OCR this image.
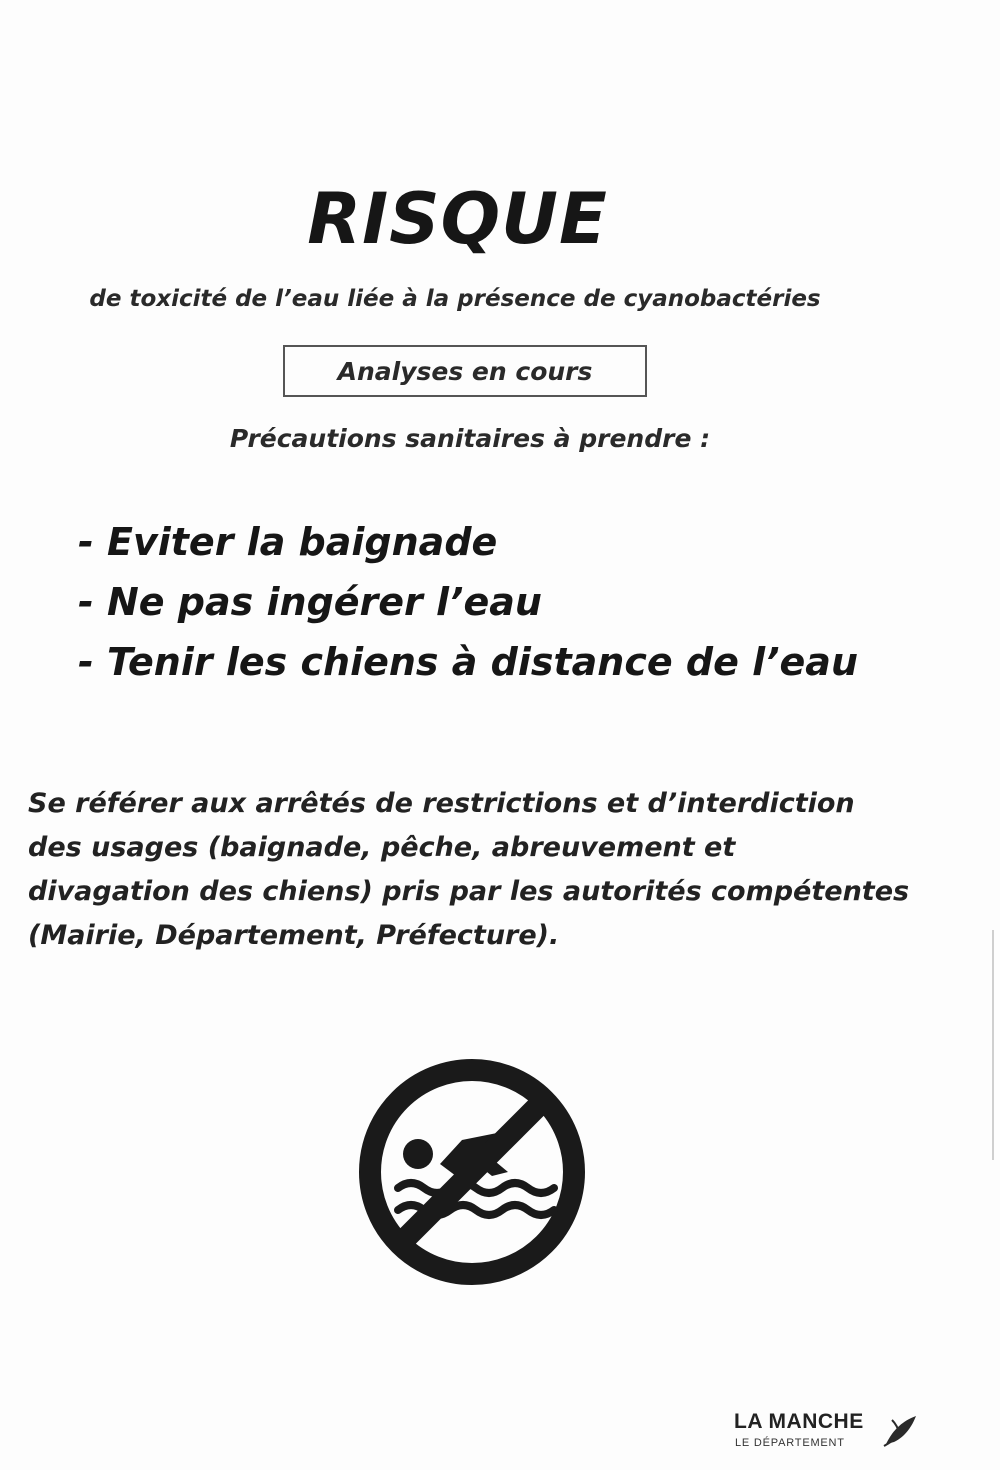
RISQUE
de toxicité de l’eau liée à la présence de cyanobactéries
Analyses en cours
Précautions sanitaires à prendre :
- Eviter la baignade
- Ne pas ingérer l’eau
- Tenir les chiens à distance de l’eau
Se référer aux arrêtés de restrictions et d’interdiction
des usages (baignade, pêche, abreuvement et
divagation des chiens) pris par les autorités compétentes
(Mairie, Département, Préfecture).
LA MANCHE
LE DÉPARTEMENT
